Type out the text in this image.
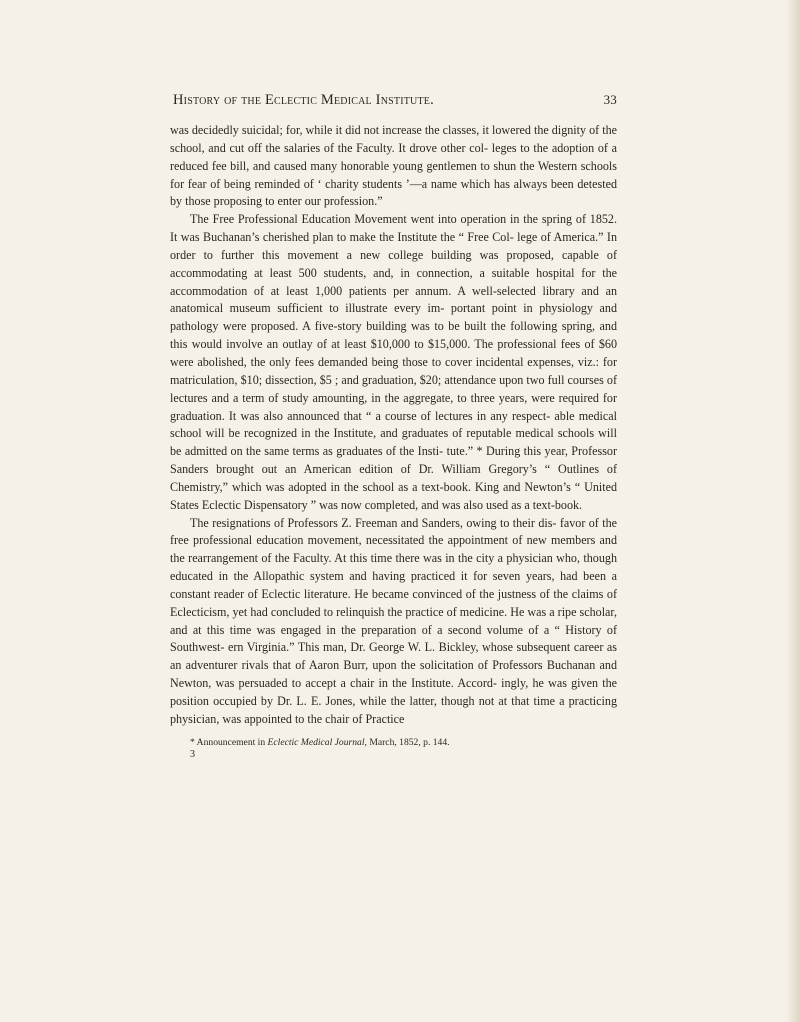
History of the Eclectic Medical Institute.	33

was decidedly suicidal; for, while it did not increase the classes, it lowered the dignity of the school, and cut off the salaries of the Faculty. It drove other col- leges to the adoption of a reduced fee bill, and caused many honorable young gentlemen to shun the Western schools for fear of being reminded of ‘ charity students ’—a name which has always been detested by those proposing to enter our profession.”

The Free Professional Education Movement went into operation in the spring of 1852. It was Buchanan’s cherished plan to make the Institute the “ Free Col- lege of America.” In order to further this movement a new college building was proposed, capable of accommodating at least 500 students, and, in connection, a suitable hospital for the accommodation of at least 1,000 patients per annum. A well-selected library and an anatomical museum sufficient to illustrate every im- portant point in physiology and pathology were proposed. A five-story building was to be built the following spring, and this would involve an outlay of at least $10,000 to $15,000. The professional fees of $60 were abolished, the only fees demanded being those to cover incidental expenses, viz.: for matriculation, $10; dissection, $5 ; and graduation, $20; attendance upon two full courses of lectures and a term of study amounting, in the aggregate, to three years, were required for graduation. It was also announced that “ a course of lectures in any respect- able medical school will be recognized in the Institute, and graduates of reputable medical schools will be admitted on the same terms as graduates of the Insti- tute.” * During this year, Professor Sanders brought out an American edition of Dr. William Gregory’s “ Outlines of Chemistry,” which was adopted in the school as a text-book. King and Newton’s “ United States Eclectic Dispensatory ” was now completed, and was also used as a text-book.

The resignations of Professors Z. Freeman and Sanders, owing to their dis- favor of the free professional education movement, necessitated the appointment of new members and the rearrangement of the Faculty. At this time there was in the city a physician who, though educated in the Allopathic system and having practiced it for seven years, had been a constant reader of Eclectic literature. He became convinced of the justness of the claims of Eclecticism, yet had concluded to relinquish the practice of medicine. He was a ripe scholar, and at this time was engaged in the preparation of a second volume of a “ History of Southwest- ern Virginia.” This man, Dr. George W. L. Bickley, whose subsequent career as an adventurer rivals that of Aaron Burr, upon the solicitation of Professors Buchanan and Newton, was persuaded to accept a chair in the Institute. Accord- ingly, he was given the position occupied by Dr. L. E. Jones, while the latter, though not at that time a practicing physician, was appointed to the chair of Practice

* Announcement in Eclectic Medical Journal, March, 1852, p. 144.
3
